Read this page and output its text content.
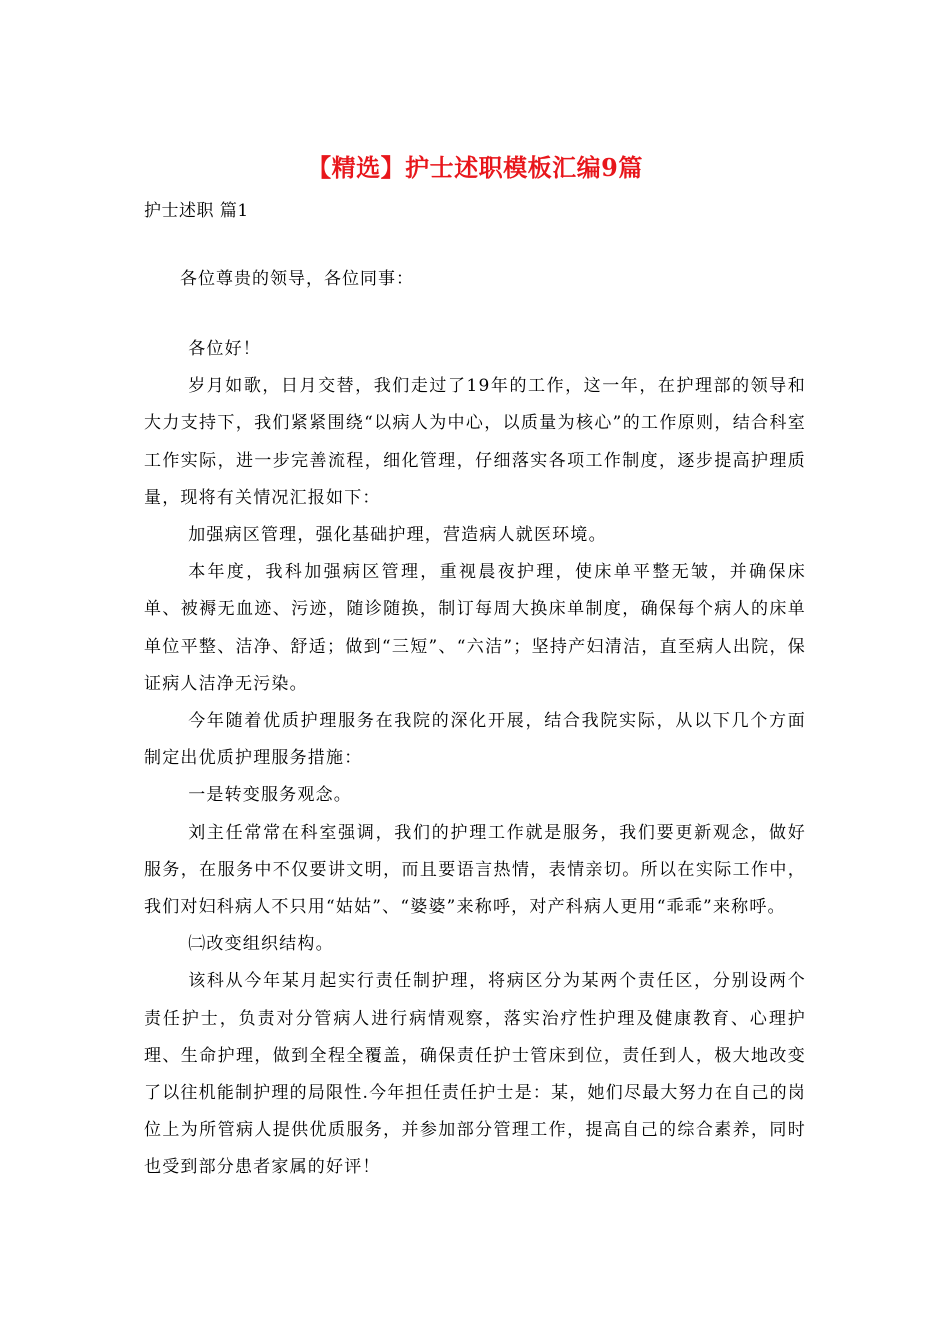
【精选】护士述职模板汇编9篇
护士述职 篇1
各位尊贵的领导，各位同事：

各位好！

岁月如歌，日月交替，我们走过了19年的工作，这一年，在护理部的领导和大力支持下，我们紧紧围绕“以病人为中心，以质量为核心”的工作原则，结合科室工作实际，进一步完善流程，细化管理，仔细落实各项工作制度，逐步提高护理质量，现将有关情况汇报如下：

加强病区管理，强化基础护理，营造病人就医环境。

本年度，我科加强病区管理，重视晨夜护理，使床单平整无皱，并确保床单、被褥无血迹、污迹，随诊随换，制订每周大换床单制度，确保每个病人的床单单位平整、洁净、舒适；做到“三短”、“六洁”；坚持产妇清洁，直至病人出院，保证病人洁净无污染。

今年随着优质护理服务在我院的深化开展，结合我院实际，从以下几个方面制定出优质护理服务措施：

一是转变服务观念。

刘主任常常在科室强调，我们的护理工作就是服务，我们要更新观念，做好服务，在服务中不仅要讲文明，而且要语言热情，表情亲切。所以在实际工作中，我们对妇科病人不只用“姑姑”、“婆婆”来称呼，对产科病人更用“乖乖”来称呼。

㈡改变组织结构。

该科从今年某月起实行责任制护理，将病区分为某两个责任区，分别设两个责任护士，负责对分管病人进行病情观察，落实治疗性护理及健康教育、心理护理、生命护理，做到全程全覆盖，确保责任护士管床到位，责任到人，极大地改变了以往机能制护理的局限性.今年担任责任护士是：某，她们尽最大努力在自己的岗位上为所管病人提供优质服务，并参加部分管理工作，提高自己的综合素养，同时也受到部分患者家属的好评！
